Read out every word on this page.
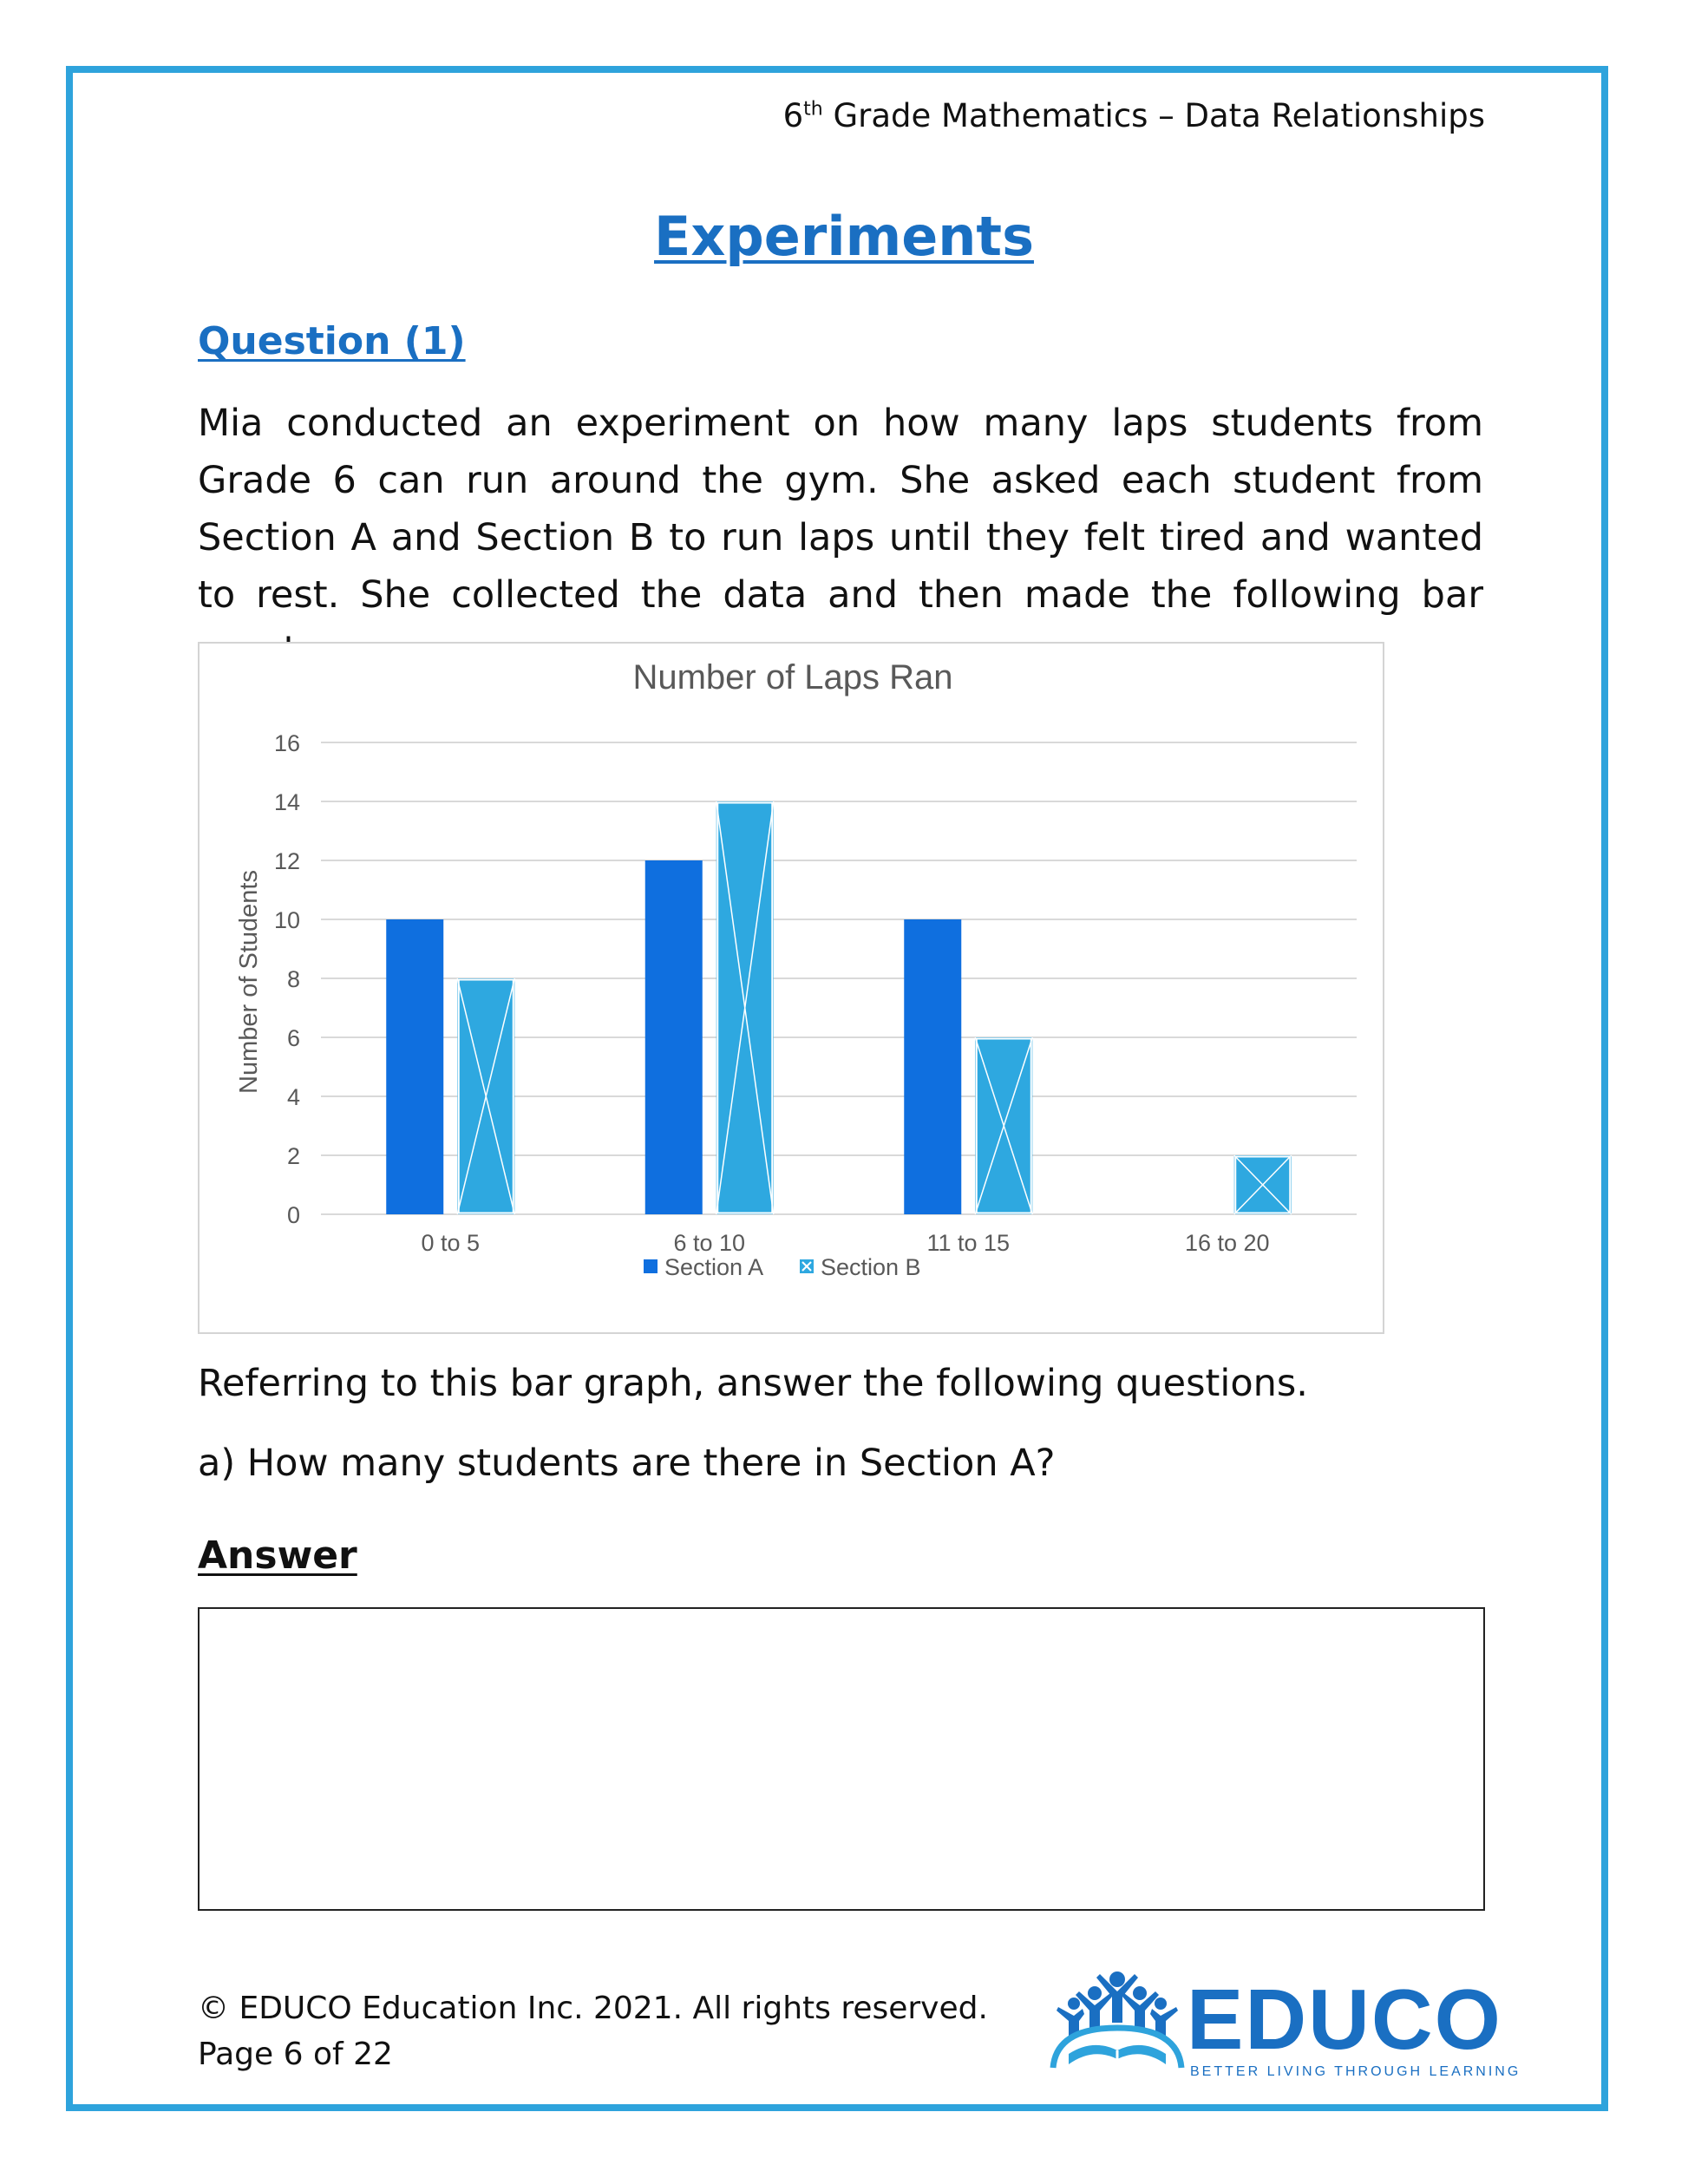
6th Grade Mathematics – Data Relationships
Experiments
Question (1)

Mia conducted an experiment on how many laps students from Grade 6 can run around the gym. She asked each student from Section A and Section B to run laps until they felt tired and wanted to rest. She collected the data and then made the following bar

Number of Laps Ran
Number of Students
0
2
4
6
8
10
12
14
16
0 to 5	6 to 10	11 to 15	16 to 20
Section A Section B
Referring to this bar graph, answer the following questions.
a) How many students are there in Section A?
Answer
© EDUCO Education Inc. 2021. All rights reserved.
Page 6 of 22	EDUCO
BETTER LIVING THROUGH LEARNING
